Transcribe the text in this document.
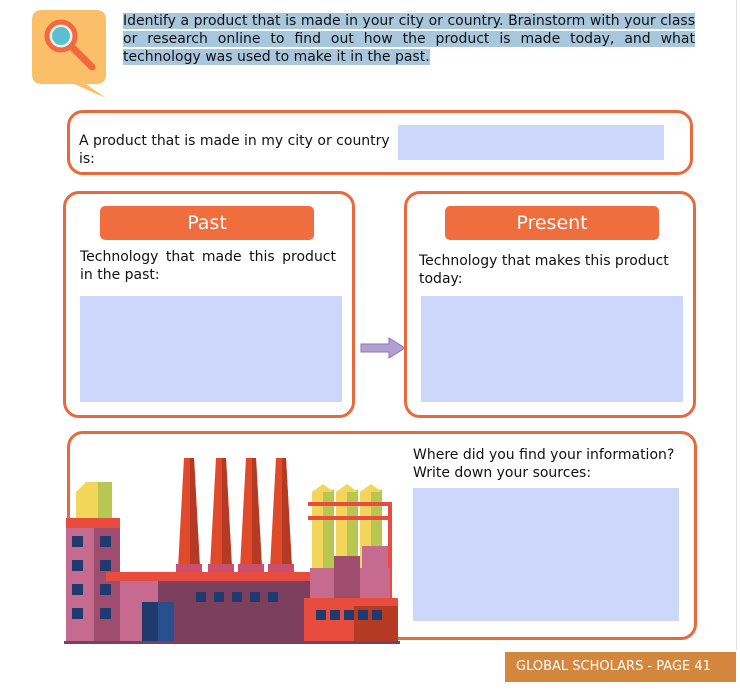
Identify a product that is made in your city or country. Brainstorm with your class or research online to find out how the product is made today, and what technology was used to make it in the past.

A product that is made in my city or country is:

Past

Technology that made this product in the past:

Present

Technology that makes this product today:

Where did you find your information?
Write down your sources:

GLOBAL SCHOLARS - PAGE 41
